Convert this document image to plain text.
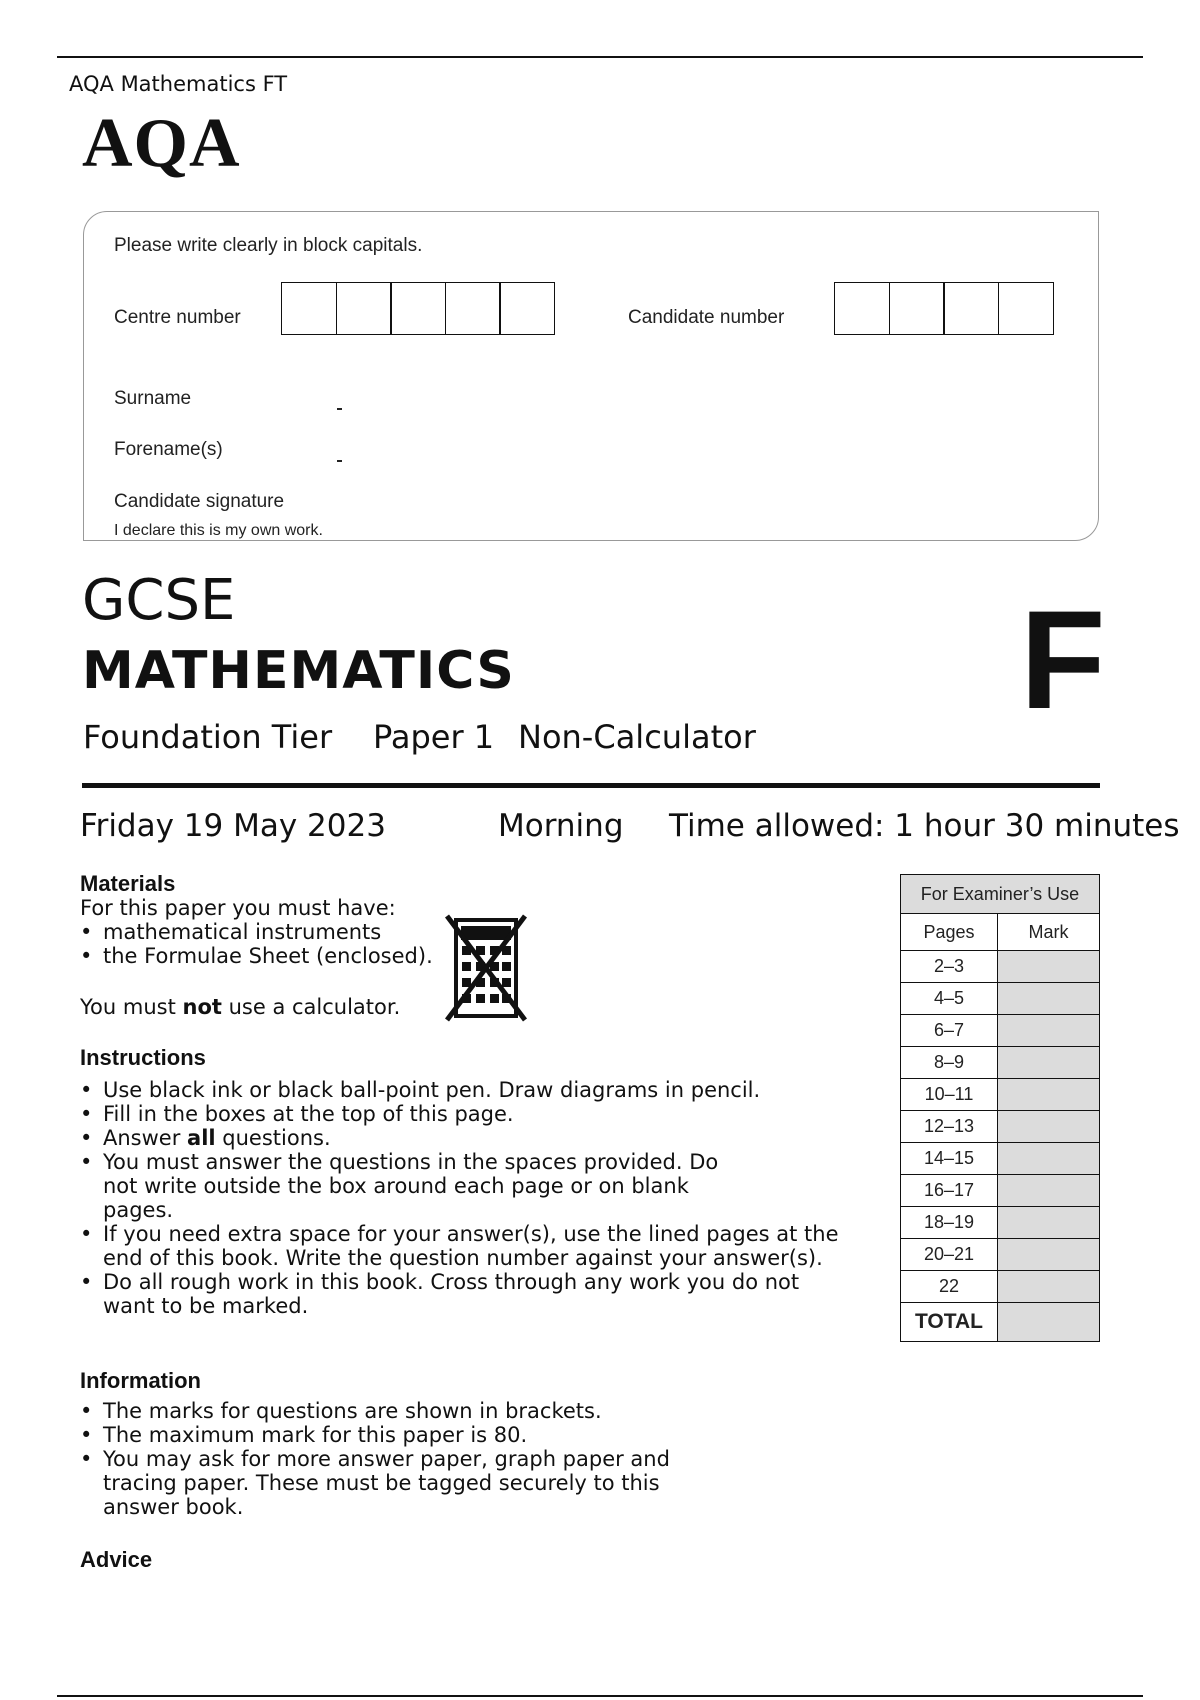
AQA Mathematics FT
AQA
Please write clearly in block capitals.
Centre number	Candidate number
Surname
Forename(s)
Candidate signature
I declare this is my own work.
GCSE
MATHEMATICS
Foundation Tier Paper 1 Non-Calculator F
Friday 19 May 2023	Morning Time allowed: 1 hour 30 minutes
Materials
For this paper you must have:
• mathematical instruments
• the Formulae Sheet (enclosed).
You must not use a calculator.
Instructions
• Use black ink or black ball-point pen. Draw diagrams in pencil.
• Fill in the boxes at the top of this page.
• Answer all questions.
• You must answer the questions in the spaces provided. Do not write outside the box around each page or on blank pages.
• If you need extra space for your answer(s), use the lined pages at the end of this book. Write the question number against your answer(s).
• Do all rough work in this book. Cross through any work you do not want to be marked.
Information
• The marks for questions are shown in brackets.
• The maximum mark for this paper is 80.
• You may ask for more answer paper, graph paper and tracing paper. These must be tagged securely to this answer book.
Advice
For Examiner’s Use	
Pages	Mark
2–3	
4–5	
6–7	
8–9	
10–11	
12–13	
14–15	
16–17	
18–19	
20–21	
22	
TOTAL	
